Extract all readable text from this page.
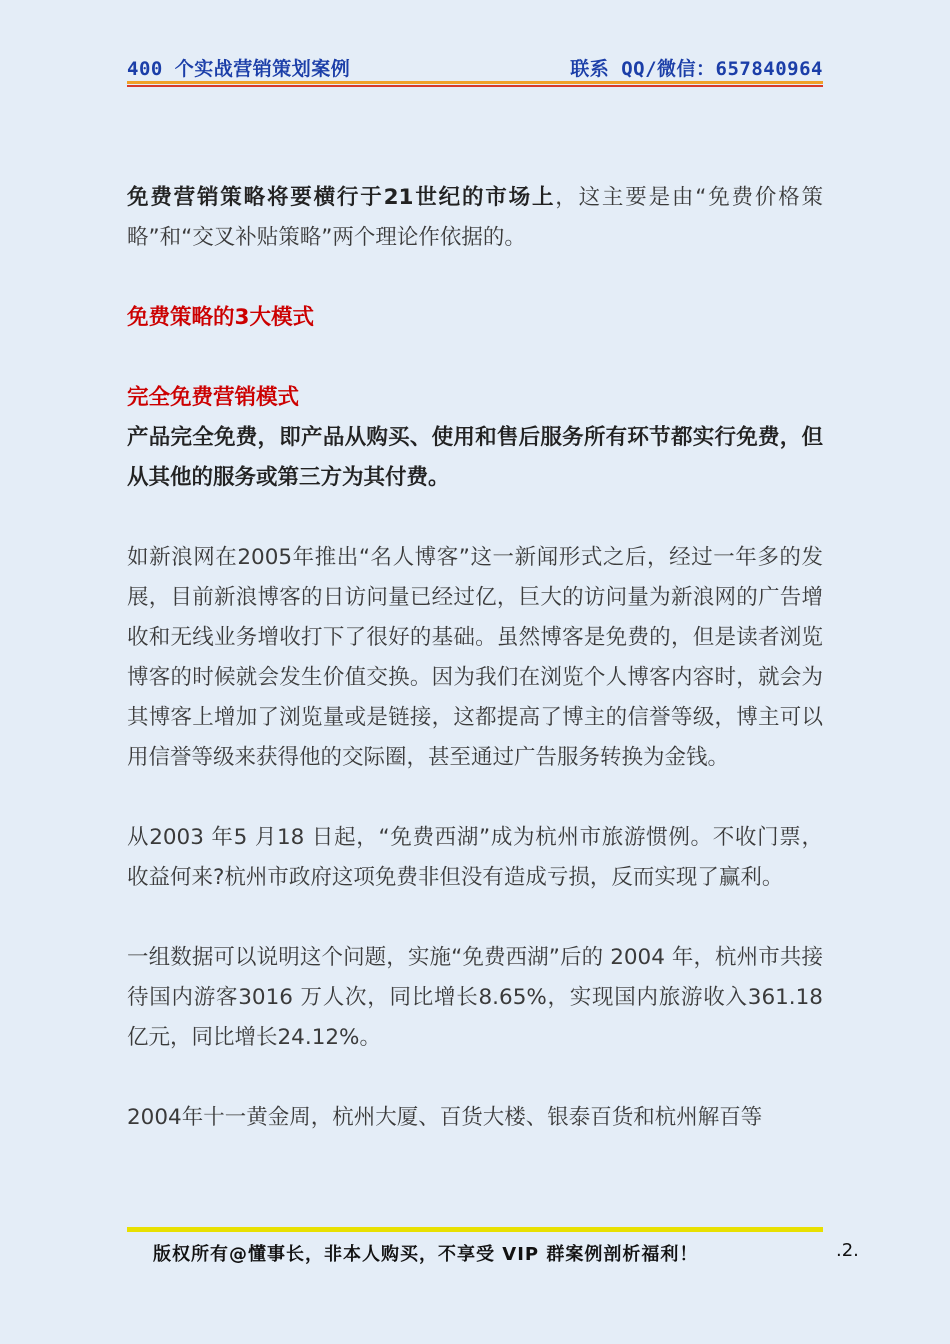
400 个实战营销策划案例	联系 QQ/微信：657840964

免费营销策略将要横行于21世纪的市场上，这主要是由“免费价格策略”和“交叉补贴策略”两个理论作依据的。

免费策略的3大模式

完全免费营销模式

产品完全免费，即产品从购买、使用和售后服务所有环节都实行免费，但从其他的服务或第三方为其付费。

如新浪网在2005年推出“名人博客”这一新闻形式之后，经过一年多的发展，目前新浪博客的日访问量已经过亿，巨大的访问量为新浪网的广告增收和无线业务增收打下了很好的基础。虽然博客是免费的，但是读者浏览博客的时候就会发生价值交换。因为我们在浏览个人博客内容时，就会为其博客上增加了浏览量或是链接，这都提高了博主的信誉等级，博主可以用信誉等级来获得他的交际圈，甚至通过广告服务转换为金钱。

从2003 年5 月18 日起，“免费西湖”成为杭州市旅游惯例。不收门票，收益何来?杭州市政府这项免费非但没有造成亏损，反而实现了赢利。

一组数据可以说明这个问题，实施“免费西湖”后的 2004 年，杭州市共接待国内游客3016 万人次，同比增长8.65%，实现国内旅游收入361.18 亿元，同比增长24.12%。

2004年十一黄金周，杭州大厦、百货大楼、银泰百货和杭州解百等

版权所有@懂事长，非本人购买，不享受 VIP 群案例剖析福利！	.2.
